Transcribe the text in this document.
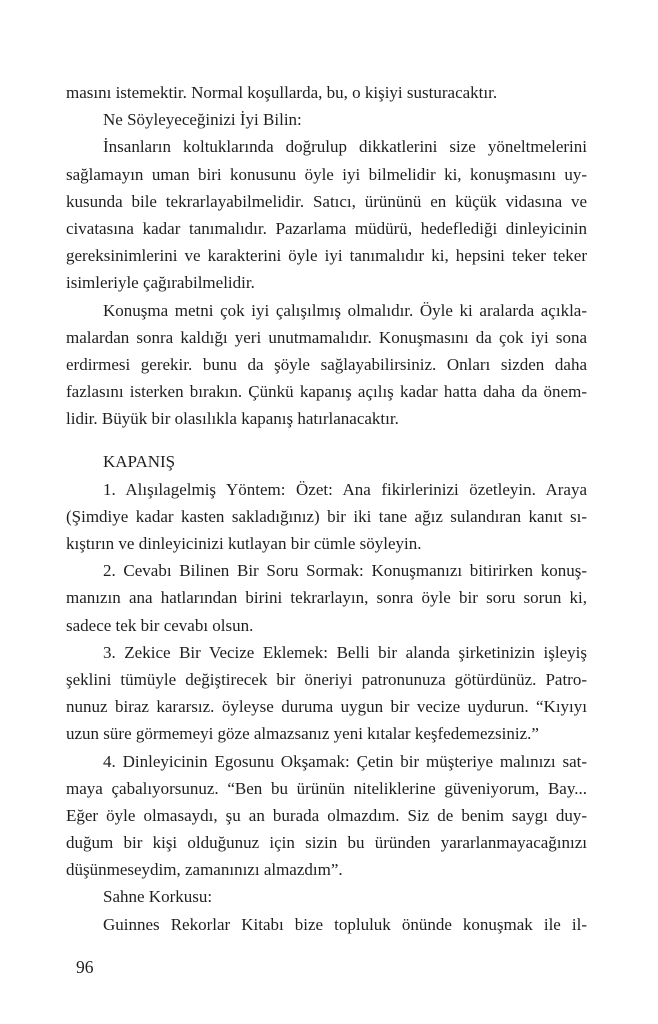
masını istemektir. Normal koşullarda, bu, o kişiyi susturacaktır.

Ne Söyleyeceğinizi İyi Bilin:

İnsanların koltuklarında doğrulup dikkatlerini size yöneltmelerini
sağlamayın uman biri konusunu öyle iyi bilmelidir ki, konuşmasını uy-
kusunda bile tekrarlayabilmelidir. Satıcı, ürününü en küçük vidasına ve
civatasına kadar tanımalıdır. Pazarlama müdürü, hedeflediği dinleyicinin
gereksinimlerini ve karakterini öyle iyi tanımalıdır ki, hepsini teker teker
isimleriyle çağırabilmelidir.

Konuşma metni çok iyi çalışılmış olmalıdır. Öyle ki aralarda açıkla-
malardan sonra kaldığı yeri unutmamalıdır. Konuşmasını da çok iyi sona
erdirmesi gerekir. bunu da şöyle sağlayabilirsiniz. Onları sizden daha
fazlasını isterken bırakın. Çünkü kapanış açılış kadar hatta daha da önem-
lidir. Büyük bir olasılıkla kapanış hatırlanacaktır.

KAPANIŞ

1. Alışılagelmiş Yöntem: Özet: Ana fikirlerinizi özetleyin. Araya
(Şimdiye kadar kasten sakladığınız) bir iki tane ağız sulandıran kanıt sı-
kıştırın ve dinleyicinizi kutlayan bir cümle söyleyin.

2. Cevabı Bilinen Bir Soru Sormak: Konuşmanızı bitirirken konuş-
manızın ana hatlarından birini tekrarlayın, sonra öyle bir soru sorun ki,
sadece tek bir cevabı olsun.

3. Zekice Bir Vecize Eklemek: Belli bir alanda şirketinizin işleyiş
şeklini tümüyle değiştirecek bir öneriyi patronunuza götürdünüz. Patro-
nunuz biraz kararsız. öyleyse duruma uygun bir vecize uydurun. “Kıyıyı
uzun süre görmemeyi göze almazsanız yeni kıtalar keşfedemezsiniz.”

4. Dinleyicinin Egosunu Okşamak: Çetin bir müşteriye malınızı sat-
maya çabalıyorsunuz. “Ben bu ürünün niteliklerine güveniyorum, Bay...
Eğer öyle olmasaydı, şu an burada olmazdım. Siz de benim saygı duy-
duğum bir kişi olduğunuz için sizin bu üründen yararlanmayacağınızı
düşünmeseydim, zamanınızı almazdım”.

Sahne Korkusu:

Guinnes Rekorlar Kitabı bize topluluk önünde konuşmak ile il-

96
